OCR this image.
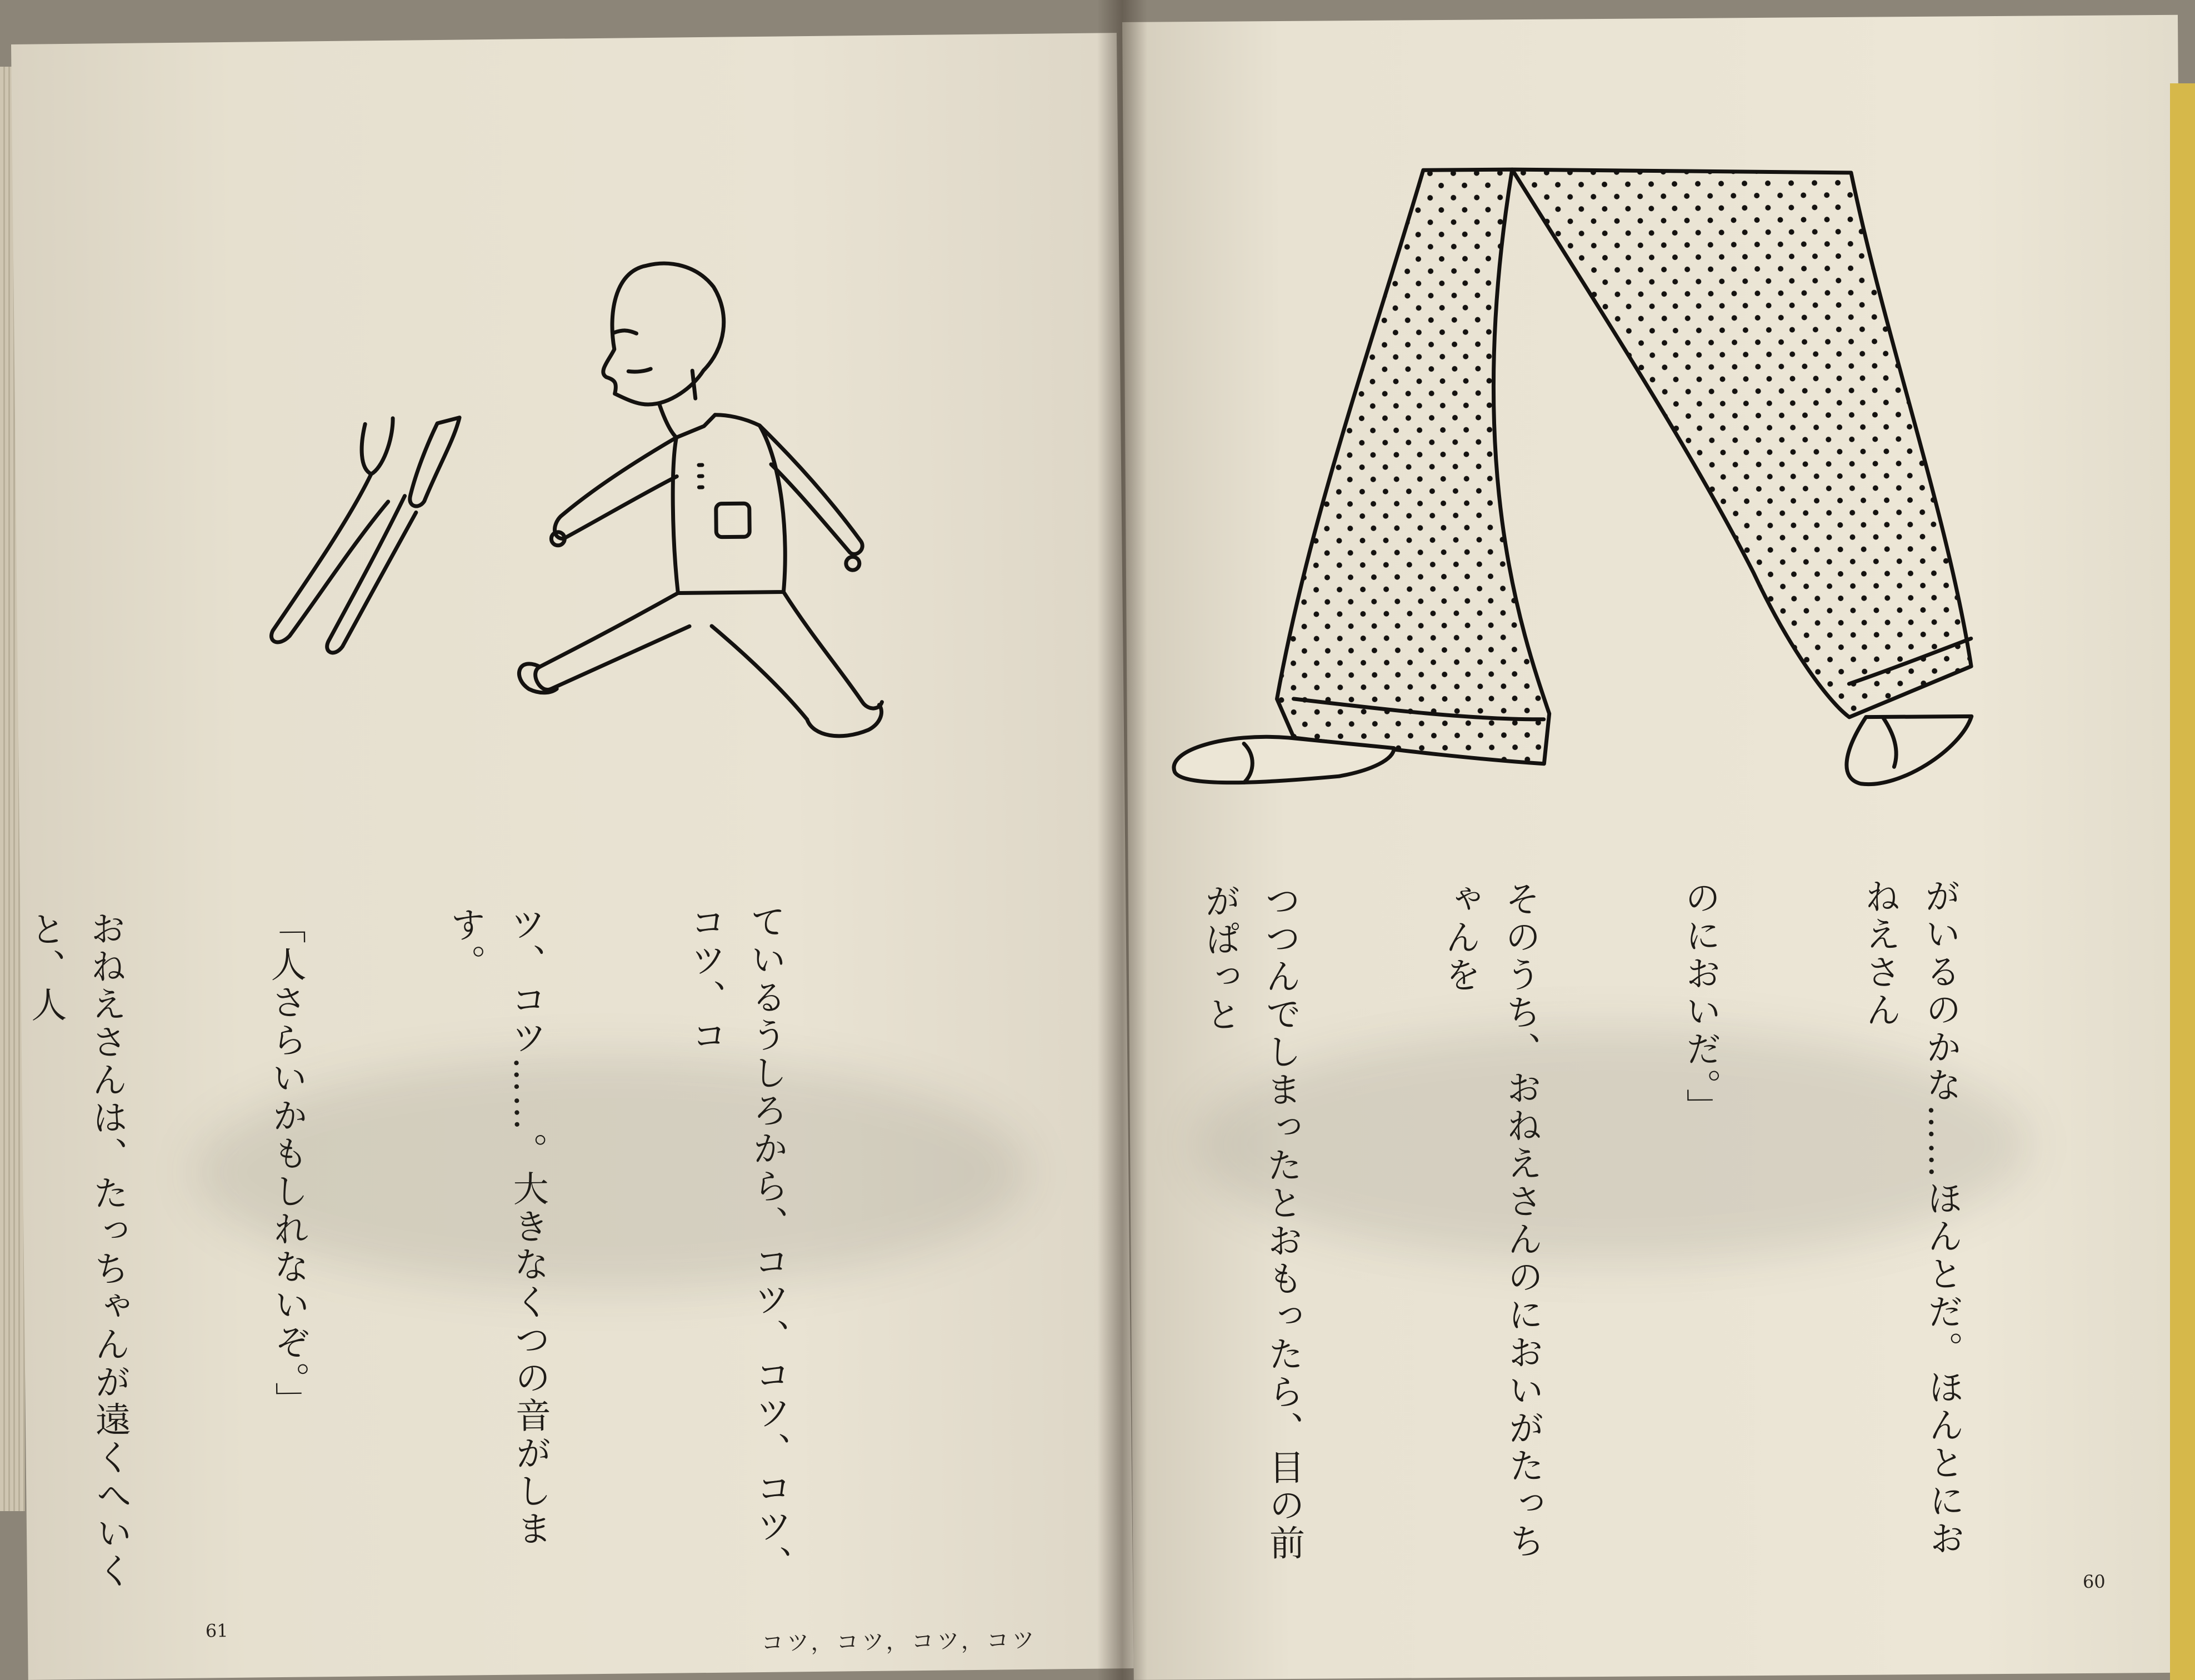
ているうしろから、コツ、コツ、コツ、コツ、コ

ツ、コツ……。大きなくつの音がします。

「人さらいかもしれないぞ。」

おねえさんは、たっちゃんが遠くへいくと、人

61	コツ，コツ，コツ，コツ

がいるのかな……ほんとだ。ほんとにおねえさん

のにおいだ。」

そのうち、おねえさんのにおいがたっちゃんを

つつんでしまったとおもったら、目の前がぱっと

60
